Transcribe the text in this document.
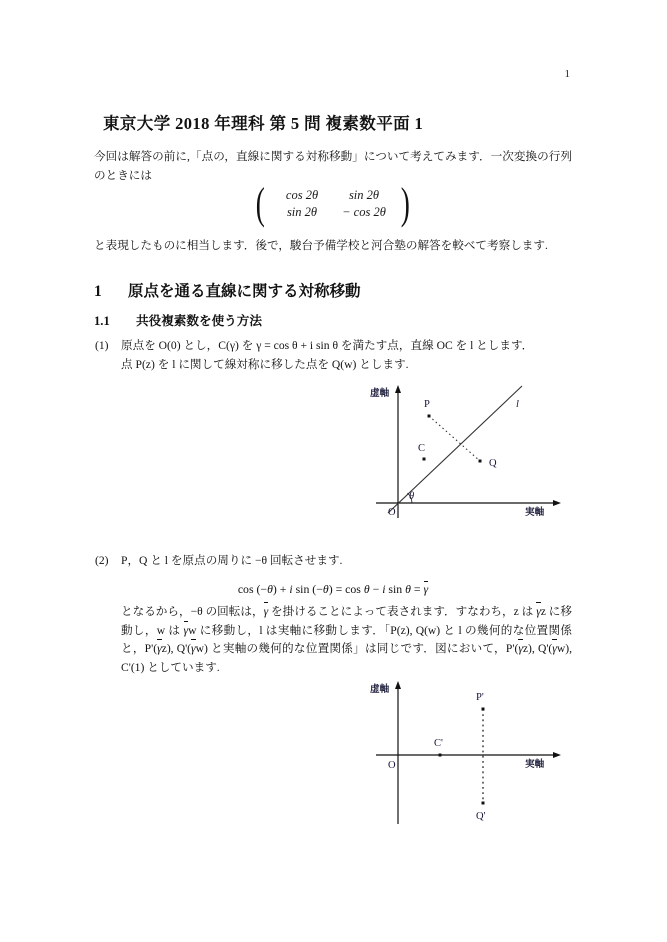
1
東京大学 2018 年理科 第 5 問 複素数平面 1
今回は解答の前に,「点の，直線に関する対称移動」について考えてみます．一次変換の行列のときには
(	cos 2θ	sin 2θ
sin 2θ	− cos 2θ )
と表現したものに相当します．後で，駿台予備学校と河合塾の解答を較べて考察します.
1 原点を通る直線に関する対称移動
1.1 共役複素数を使う方法
(1)	原点を O(0) とし，C(γ) を γ = cos θ + i sin θ を満たす点，直線 OC を l とします．
点 P(z) を l に関して線対称に移した点を Q(w) とします.
虚軸
実軸
O
θ
l
P
Q
C
(2)	P，Q と l を原点の周りに −θ 回転させます.
cos (−θ) + i sin (−θ) = cos θ − i sin θ = γ
となるから，−θ の回転は，γ を掛けることによって表されます．すなわち，z は γz に移動し，w は γw に移動し，l は実軸に移動します．「P(z), Q(w) と l の幾何的な位置関係と，P'(γz), Q'(γw) と実軸の幾何的な位置関係」は同じです．図において，P'(γz), Q'(γw), C'(1) としています.
虚軸
実軸
O
P'
Q'
C'
